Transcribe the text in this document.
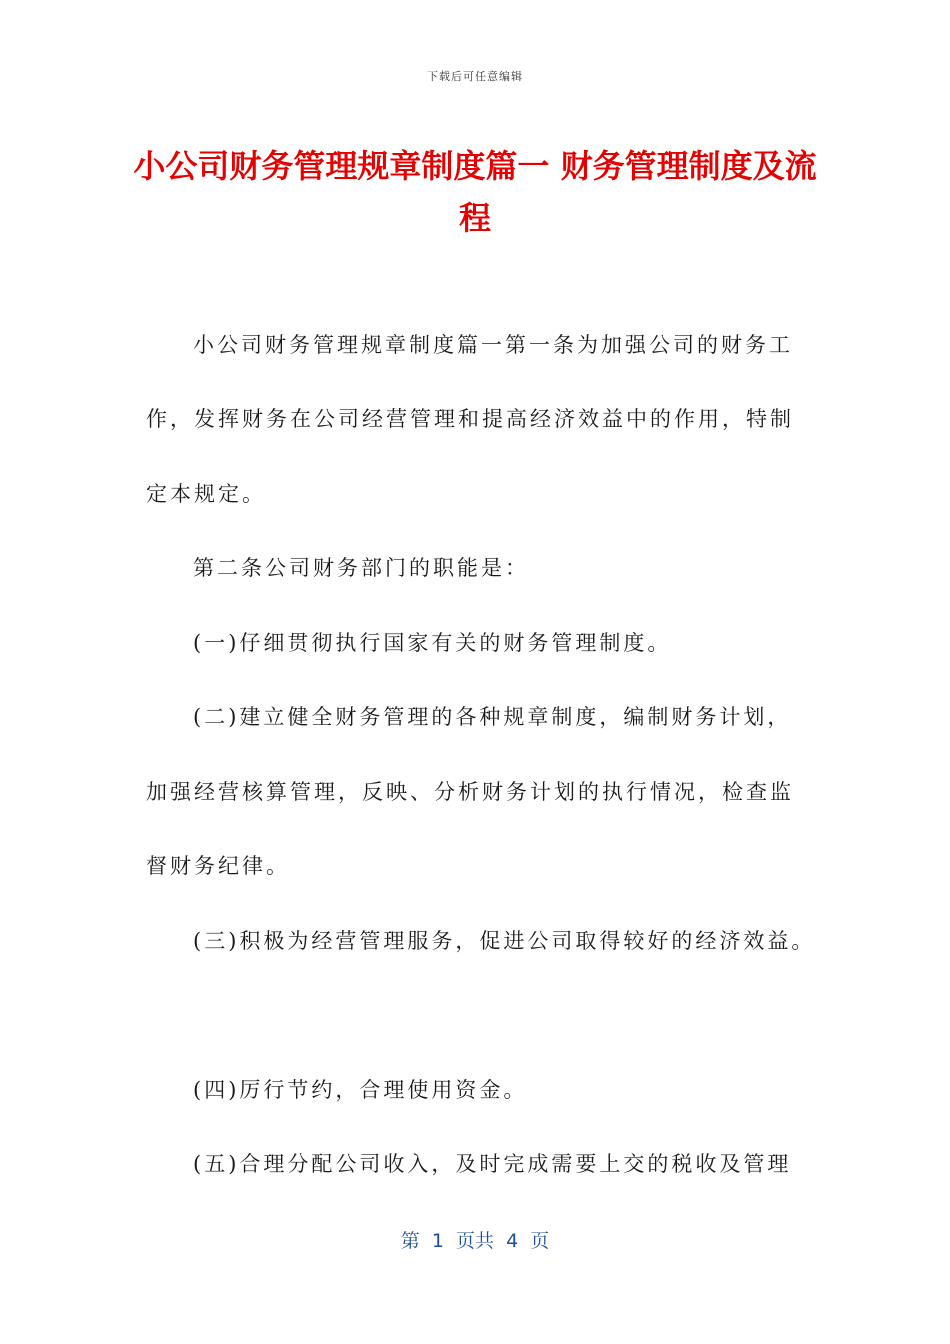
下载后可任意编辑
小公司财务管理规章制度篇一 财务管理制度及流程
小公司财务管理规章制度篇一第一条为加强公司的财务工
作，发挥财务在公司经营管理和提高经济效益中的作用，特制
定本规定。
第二条公司财务部门的职能是：
(一)仔细贯彻执行国家有关的财务管理制度。
(二)建立健全财务管理的各种规章制度，编制财务计划，
加强经营核算管理，反映、分析财务计划的执行情况，检查监
督财务纪律。
(三)积极为经营管理服务，促进公司取得较好的经济效益。
(四)厉行节约，合理使用资金。
(五)合理分配公司收入，及时完成需要上交的税收及管理
第  1  页共  4  页
